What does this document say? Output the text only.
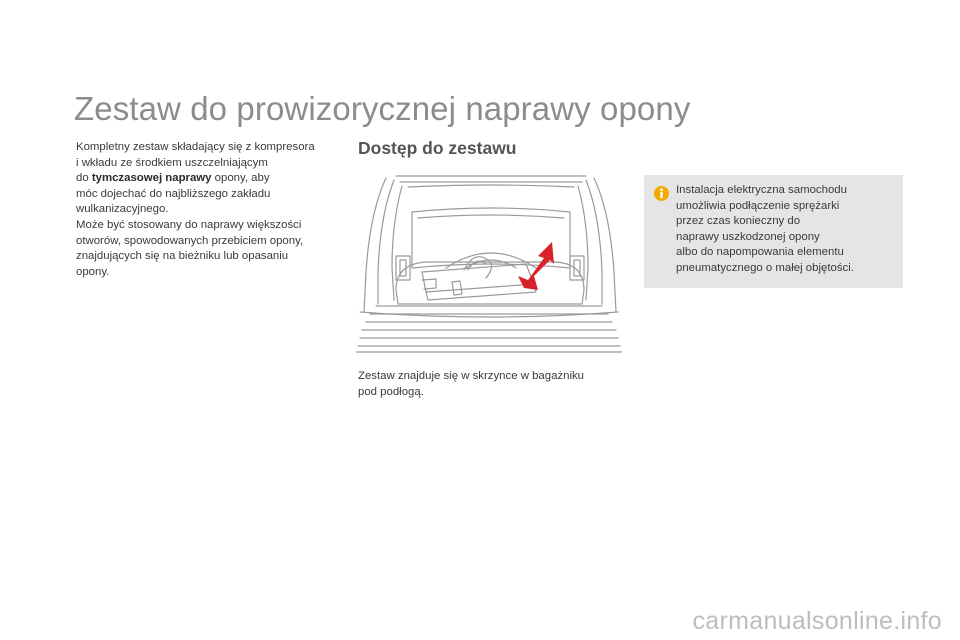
Zestaw do prowizorycznej naprawy opony

Kompletny zestaw składający się z kompresora

i wkładu ze środkiem uszczelniającym

do tymczasowej naprawy opony, aby

móc dojechać do najbliższego zakładu

wulkanizacyjnego.

Może być stosowany do naprawy większości

otworów, spowodowanych przebiciem opony,

znajdujących się na bieżniku lub opasaniu

opony.

Dostęp do zestawu

Zestaw znajduje się w skrzynce w bagażniku
pod podłogą.

Instalacja elektryczna samochodu
umożliwia podłączenie sprężarki
przez czas konieczny do
naprawy uszkodzonej opony
albo do napompowania elementu
pneumatycznego o małej objętości.

carmanualsonline.info
